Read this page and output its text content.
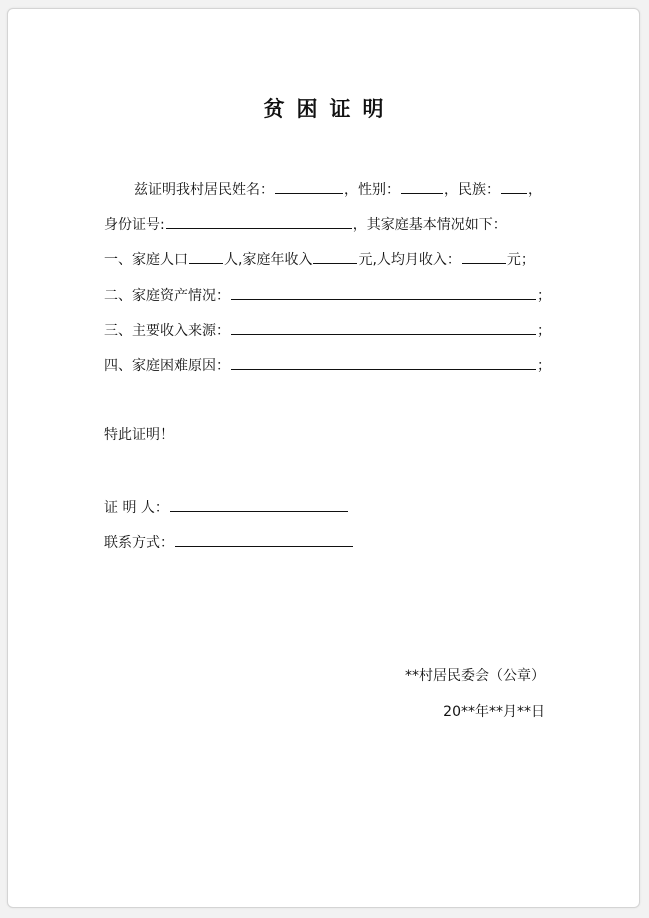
贫困证明
兹证明我村居民姓名：	，性别：	，民族： ，
身份证号:	，其家庭基本情况如下：
一、家庭人口	人,家庭年收入	元,人均月收入：	元；
二、家庭资产情况：	；
三、主要收入来源：	；
四、家庭困难原因：	；
特此证明！
证 明 人：
联系方式：
**村居民委会（公章）
20**年**月**日
